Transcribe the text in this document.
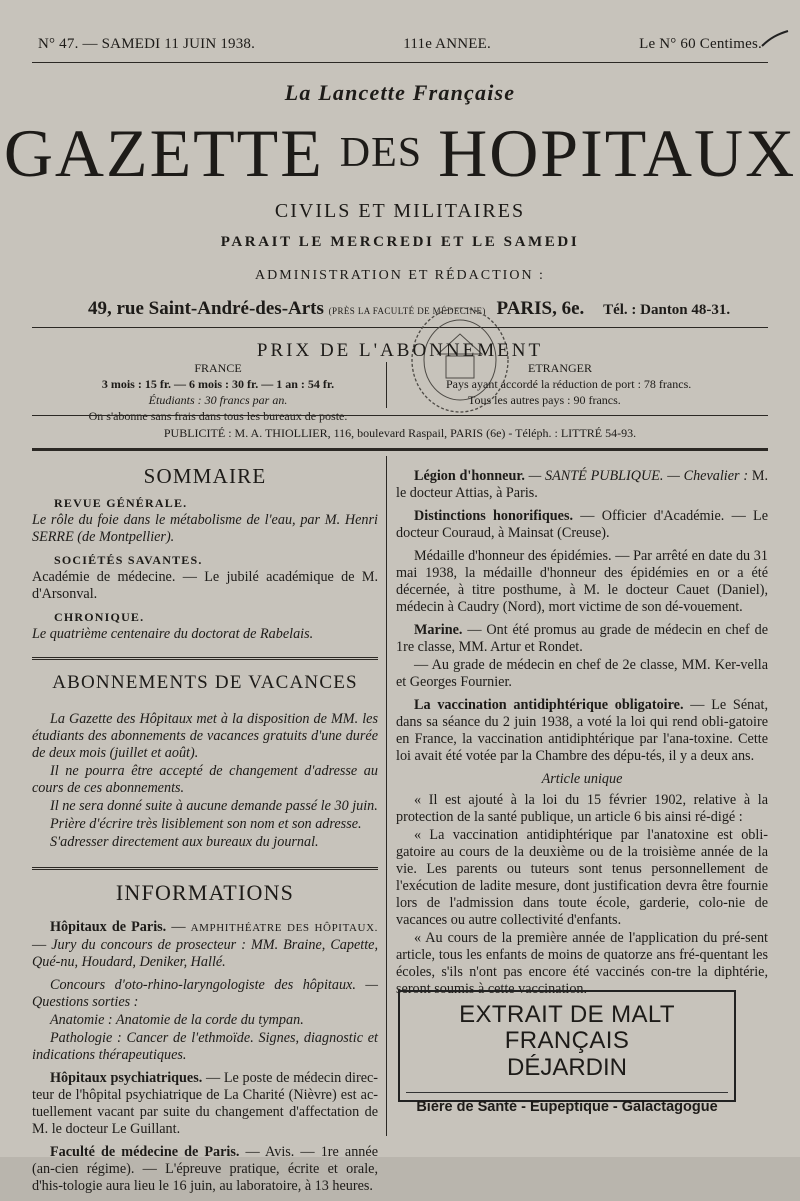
N° 47. — SAMEDI 11 JUIN 1938.	111e ANNEE.	Le N° 60 Centimes.
La Lancette Française
GAZETTE DES HOPITAUX
CIVILS ET MILITAIRES
PARAIT LE MERCREDI ET LE SAMEDI
ADMINISTRATION ET RÉDACTION :
49, rue Saint-André-des-Arts (PRÈS LA FACULTÉ DE MÉDECINE) PARIS, 6e. Tél. : Danton 48-31.
PRIX DE L'ABONNEMENT
FRANCE
3 mois : 15 fr. — 6 mois : 30 fr. — 1 an : 54 fr.
Étudiants : 30 francs par an.
On s'abonne sans frais dans tous les bureaux de poste.
ETRANGER
Pays ayant accordé la réduction de port : 78 francs.
Tous les autres pays : 90 francs.
PUBLICITÉ : M. A. THIOLLIER, 116, boulevard Raspail, PARIS (6e) - Téléph. : LITTRÉ 54-93.
SOMMAIRE
REVUE GÉNÉRALE.

Le rôle du foie dans le métabolisme de l'eau, par M. Henri SERRE (de Montpellier).

SOCIÉTÉS SAVANTES.

Académie de médecine. — Le jubilé académique de M. d'Arsonval.

CHRONIQUE.

Le quatrième centenaire du doctorat de Rabelais.

ABONNEMENTS DE VACANCES

La Gazette des Hôpitaux met à la disposition de MM. les étudiants des abonnements de vacances gratuits d'une durée de deux mois (juillet et août).

Il ne pourra être accepté de changement d'adresse au cours de ces abonnements.

Il ne sera donné suite à aucune demande passé le 30 juin.

Prière d'écrire très lisiblement son nom et son adresse.

S'adresser directement aux bureaux du journal.

INFORMATIONS

Hôpitaux de Paris. — AMPHITHÉATRE DES HÔPITAUX. — Jury du concours de prosecteur : MM. Braine, Capette, Qué-nu, Houdard, Deniker, Hallé.

Concours d'oto-rhino-laryngologiste des hôpitaux. — Questions sorties :

Anatomie : Anatomie de la corde du tympan.

Pathologie : Cancer de l'ethmoïde. Signes, diagnostic et indications thérapeutiques.

Hôpitaux psychiatriques. — Le poste de médecin direc-teur de l'hôpital psychiatrique de La Charité (Nièvre) est ac-tuellement vacant par suite du changement d'affectation de M. le docteur Le Guillant.

Faculté de médecine de Paris. — Avis. — 1re année (an-cien régime). — L'épreuve pratique, écrite et orale, d'his-tologie aura lieu le 16 juin, au laboratoire, à 13 heures.

Légion d'honneur. — SANTÉ PUBLIQUE. — Chevalier : M. le docteur Attias, à Paris.

Distinctions honorifiques. — Officier d'Académie. — Le docteur Couraud, à Mainsat (Creuse).

Médaille d'honneur des épidémies. — Par arrêté en date du 31 mai 1938, la médaille d'honneur des épidémies en or a été décernée, à titre posthume, à M. le docteur Cauet (Daniel), médecin à Caudry (Nord), mort victime de son dé-vouement.

Marine. — Ont été promus au grade de médecin en chef de 1re classe, MM. Artur et Rondet.

— Au grade de médecin en chef de 2e classe, MM. Ker-vella et Georges Fournier.

La vaccination antidiphtérique obligatoire. — Le Sénat, dans sa séance du 2 juin 1938, a voté la loi qui rend obli-gatoire en France, la vaccination antidiphtérique par l'ana-toxine. Cette loi avait été votée par la Chambre des dépu-tés, il y a deux ans.

Article unique

« Il est ajouté à la loi du 15 février 1902, relative à la protection de la santé publique, un article 6 bis ainsi ré-digé :

« La vaccination antidiphtérique par l'anatoxine est obli-gatoire au cours de la deuxième ou de la troisième année de la vie. Les parents ou tuteurs sont tenus personnellement de l'exécution de ladite mesure, dont justification devra être fournie lors de l'admission dans toute école, garderie, colo-nie de vacances ou autre collectivité d'enfants.

« Au cours de la première année de l'application du pré-sent article, tous les enfants de moins de quatorze ans fré-quentant les écoles, s'ils n'ont pas encore été vaccinés con-tre la diphtérie, seront soumis à cette vaccination.

EXTRAIT DE MALT FRANÇAIS
DÉJARDIN
Bière de Santé - Eupeptique - Galactagogue
